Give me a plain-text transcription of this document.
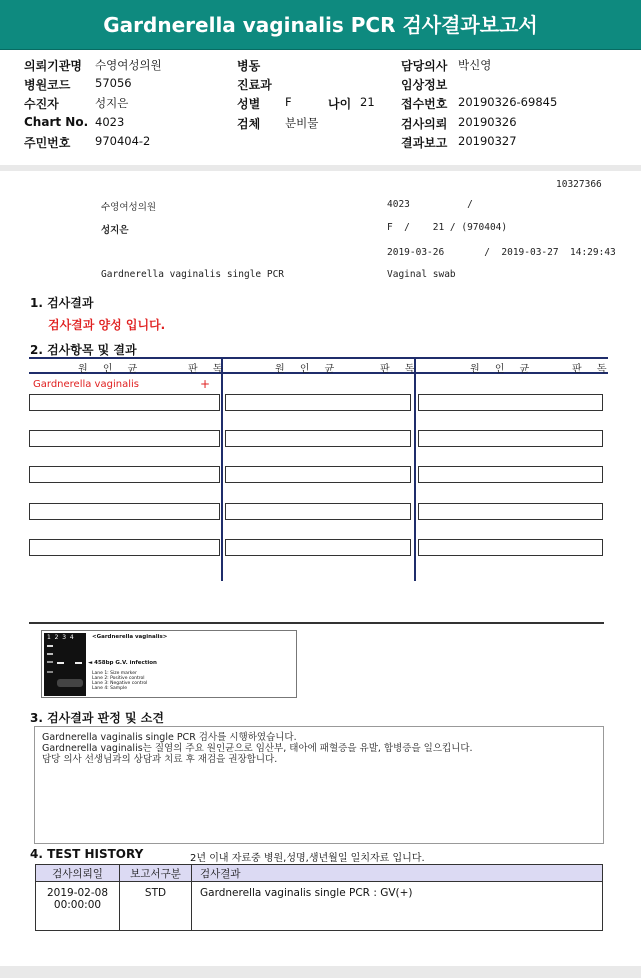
Gardnerella vaginalis PCR 검사결과보고서
의뢰기관명 수영여성의원
병원코드 57056
수진자	성지은
Chart No. 4023
주민번호 970404-2
병동
진료과
성별 F	나이 21
검체 분비물
담당의사 박신영
임상정보
접수번호 20190326-69845
검사의뢰 20190326
결과보고 20190327
10327366
수영여성의원	4023          /
성지은	F  /    21 / (970404)
2019-03-26       /  2019-03-27  14:29:43
Gardnerella vaginalis single PCR	Vaginal swab
1. 검사결과
검사결과 양성 입니다.
2. 검사항목 및 결과
원 인 균	판 독	원 인 균	판 독	원 인 균	판 독
Gardnerella vaginalis	+
1  2  3  4	<Gardnerella vaginalis>
◄ 458bp G.V. infection
Lane 1: Size marker
Lane 2: Positive control
Lane 3: Negative control
Lane 4: Sample
3. 검사결과 판정 및 소견

Gardnerella vaginalis single PCR 검사를 시행하였습니다.

Gardnerella vaginalis는 질염의 주요 원인균으로 임산부, 태아에 패혈증을 유발, 합병증을 일으킵니다.

담당 의사 선생님과의 상담과 치료 후 재검을 권장합니다.

4. TEST HISTORY	2년 이내 자료중 병원,성명,생년월일 일치자료 입니다.
검사의뢰일	보고서구분	검사결과

2019-02-08
00:00:00	STD	Gardnerella vaginalis single PCR : GV(+)
